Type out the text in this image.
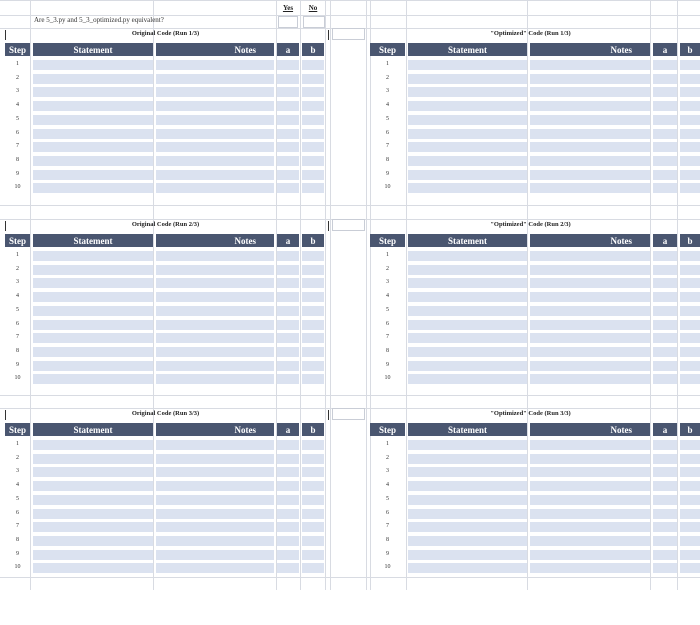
Are 5_3.py and 5_3_optimized.py equivalent?
Yes	No
Original Code (Run 1/3)	"Optimized" Code (Run 1/3)
Step	Statement	Notes	a	b
1
2
3
4
5
6
7
8
9
10
Step	Statement	Notes	a	b
1
2
3
4
5
6
7
8
9
10
Original Code (Run 2/3)	"Optimized" Code (Run 2/3)
Step	Statement	Notes	a	b
1
2
3
4
5
6
7
8
9
10
Step	Statement	Notes	a	b
1
2
3
4
5
6
7
8
9
10
Original Code (Run 3/3)	"Optimized" Code (Run 3/3)
Step	Statement	Notes	a	b
1
2
3
4
5
6
7
8
9
10
Step	Statement	Notes	a	b
1
2
3
4
5
6
7
8
9
10
